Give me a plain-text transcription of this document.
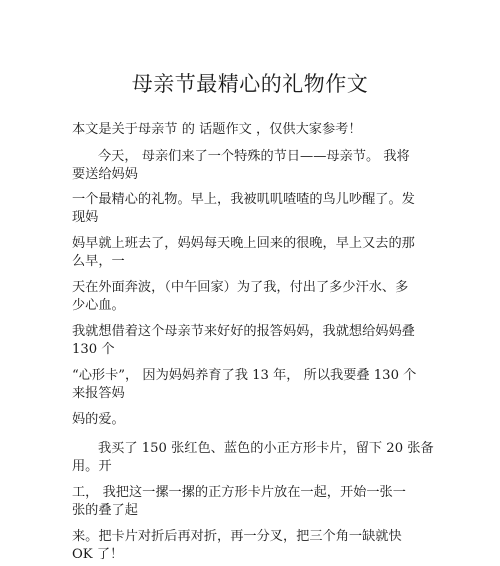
母亲节最精心的礼物作文
本文是关于母亲节 的 话题作文 ，仅供大家参考！
今天， 母亲们来了一个特殊的节日——母亲节。 我将
要送给妈妈
一个最精心的礼物。早上，我被叽叽喳喳的鸟儿吵醒了。发
现妈
妈早就上班去了，妈妈每天晚上回来的很晚，早上又去的那
么早，一
天在外面奔波，（中午回家）为了我，付出了多少汗水、多
少心血。
我就想借着这个母亲节来好好的报答妈妈，我就想给妈妈叠
130 个
“心形卡”， 因为妈妈养育了我 13 年， 所以我要叠 130 个
来报答妈
妈的爱。
我买了 150 张红色、蓝色的小正方形卡片，留下 20 张备
用。开
工， 我把这一摞一摞的正方形卡片放在一起，开始一张一
张的叠了起
来。把卡片对折后再对折，再一分叉，把三个角一缺就快
OK 了！
